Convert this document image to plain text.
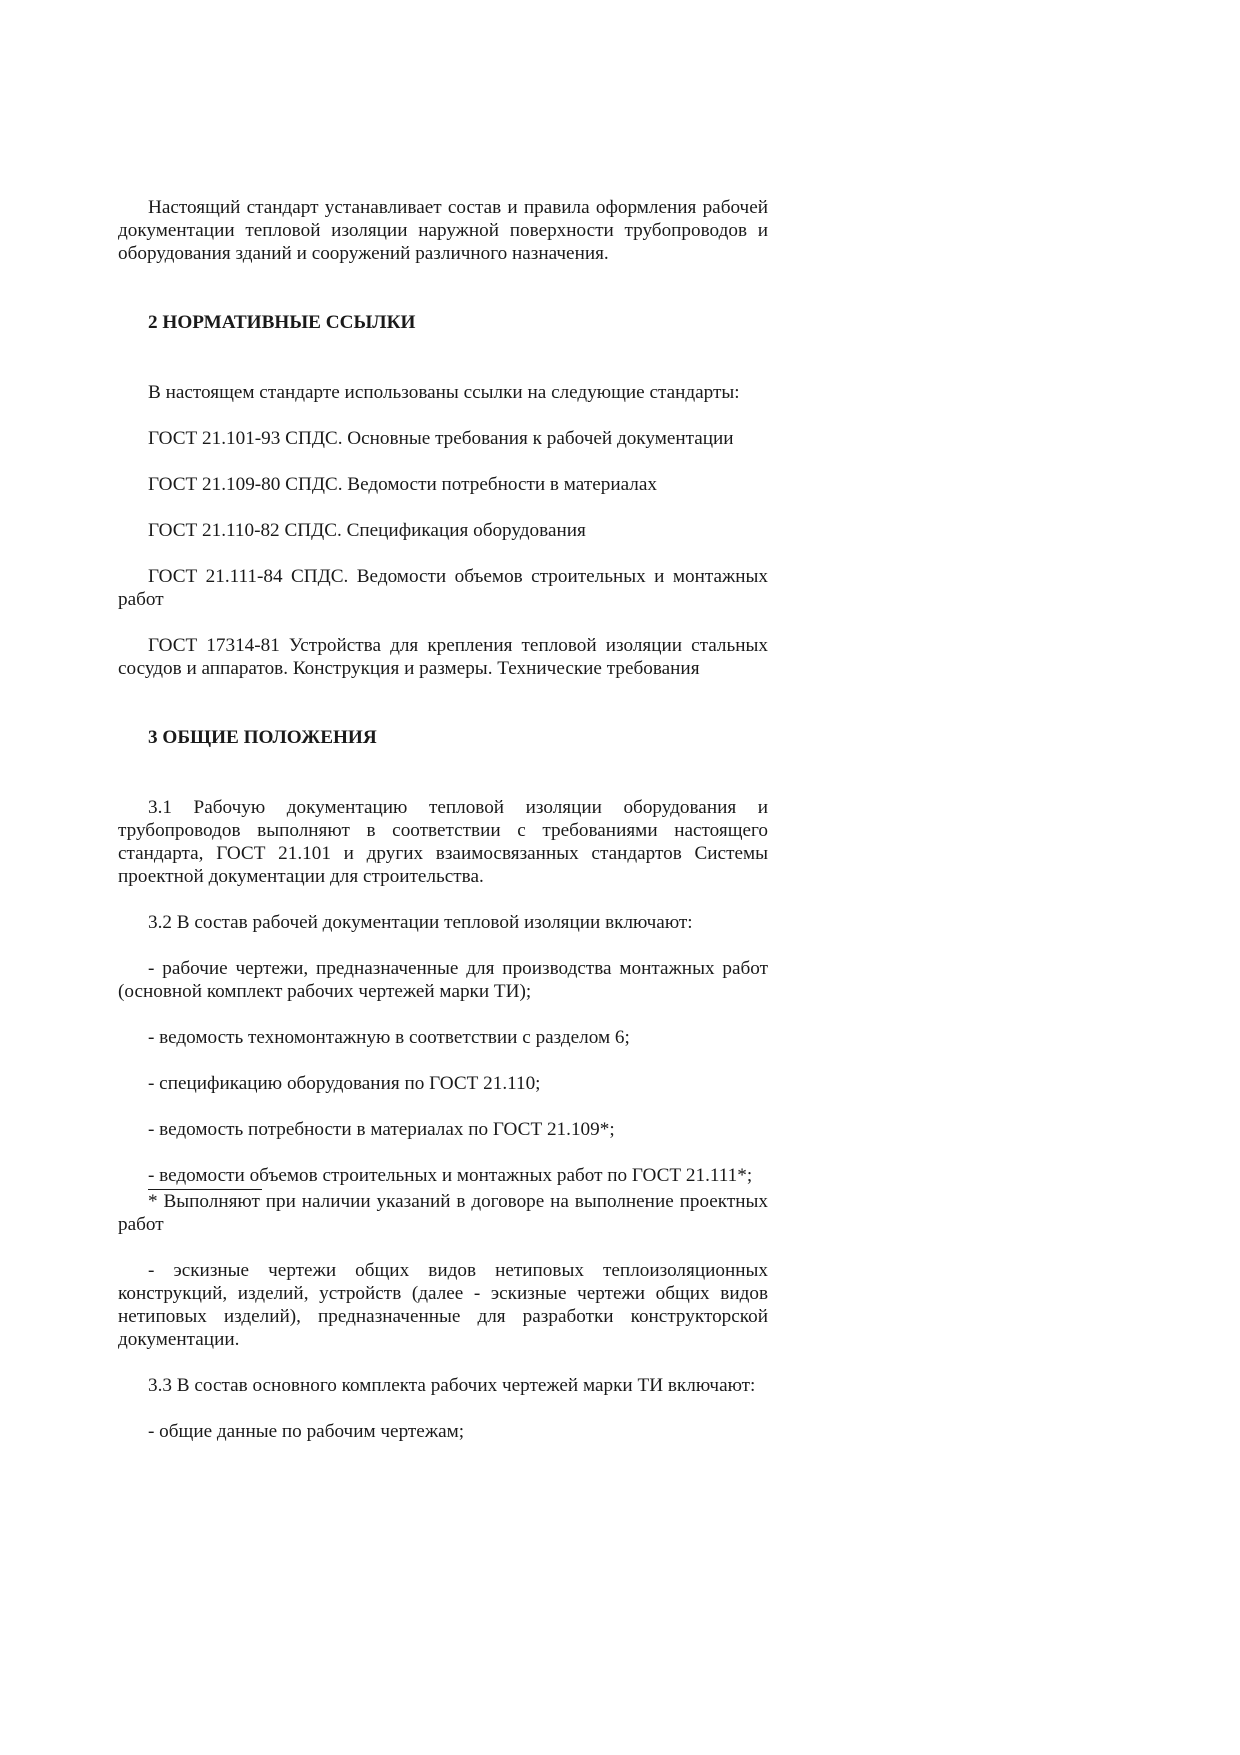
Настоящий стандарт устанавливает состав и правила оформления рабочей документации тепловой изоляции наружной поверхности трубопроводов и оборудования зданий и сооружений различного назначения.

2 НОРМАТИВНЫЕ ССЫЛКИ

В настоящем стандарте использованы ссылки на следующие стандарты:

ГОСТ 21.101-93 СПДС. Основные требования к рабочей документации

ГОСТ 21.109-80 СПДС. Ведомости потребности в материалах

ГОСТ 21.110-82 СПДС. Спецификация оборудования

ГОСТ 21.111-84 СПДС. Ведомости объемов строительных и монтажных работ

ГОСТ 17314-81 Устройства для крепления тепловой изоляции стальных сосудов и аппаратов. Конструкция и размеры. Технические требования

3 ОБЩИЕ ПОЛОЖЕНИЯ

3.1 Рабочую документацию тепловой изоляции оборудования и трубопроводов выполняют в соответствии с требованиями настоящего стандарта, ГОСТ 21.101 и других взаимосвязанных стандартов Системы проектной документации для строительства.

3.2 В состав рабочей документации тепловой изоляции включают:

- рабочие чертежи, предназначенные для производства монтажных работ (основной комплект рабочих чертежей марки ТИ);

- ведомость техномонтажную в соответствии с разделом 6;

- спецификацию оборудования по ГОСТ 21.110;

- ведомость потребности в материалах по ГОСТ 21.109*;

- ведомости объемов строительных и монтажных работ по ГОСТ 21.111*;

* Выполняют при наличии указаний в договоре на выполнение проектных работ

- эскизные чертежи общих видов нетиповых теплоизоляционных конструкций, изделий, устройств (далее - эскизные чертежи общих видов нетиповых изделий), предназначенные для разработки конструкторской документации.

3.3 В состав основного комплекта рабочих чертежей марки ТИ включают:

- общие данные по рабочим чертежам;
